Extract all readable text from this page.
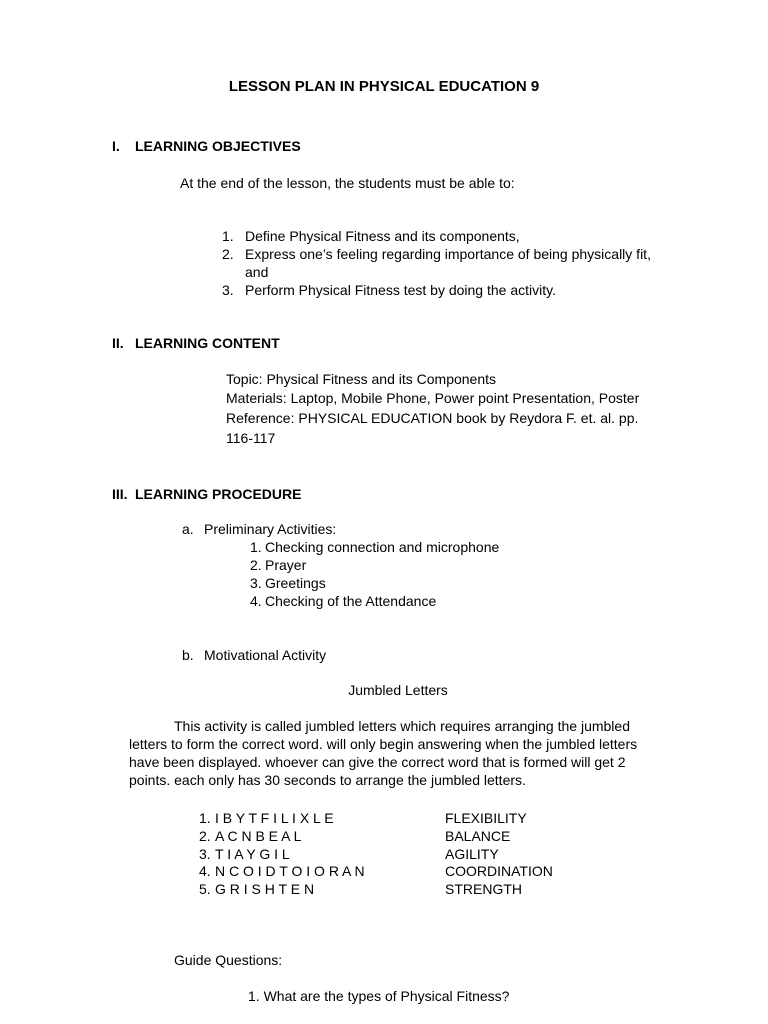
LESSON PLAN IN PHYSICAL EDUCATION 9
I. LEARNING OBJECTIVES
At the end of the lesson, the students must be able to:
1. Define Physical Fitness and its components,
2. Express one’s feeling regarding importance of being physically fit,
and
3. Perform Physical Fitness test by doing the activity.
II. LEARNING CONTENT
Topic: Physical Fitness and its Components
Materials: Laptop, Mobile Phone, Power point Presentation, Poster
Reference: PHYSICAL EDUCATION book by Reydora F. et. al. pp.
116-117
III. LEARNING PROCEDURE
a. Preliminary Activities:
1. Checking connection and microphone
2. Prayer
3. Greetings
4. Checking of the Attendance
b. Motivational Activity
Jumbled Letters
This activity is called jumbled letters which requires arranging the jumbled
letters to form the correct word. will only begin answering when the jumbled letters
have been displayed. whoever can give the correct word that is formed will get 2
points. each only has 30 seconds to arrange the jumbled letters.
1. I B Y T F I L I X L E	FLEXIBILITY
2. A C N B E A L	BALANCE
3. T I A Y G I L	AGILITY
4. N C O I D T O I O R A N	COORDINATION
5. G R I S H T E N	STRENGTH
Guide Questions:
1. What are the types of Physical Fitness?
